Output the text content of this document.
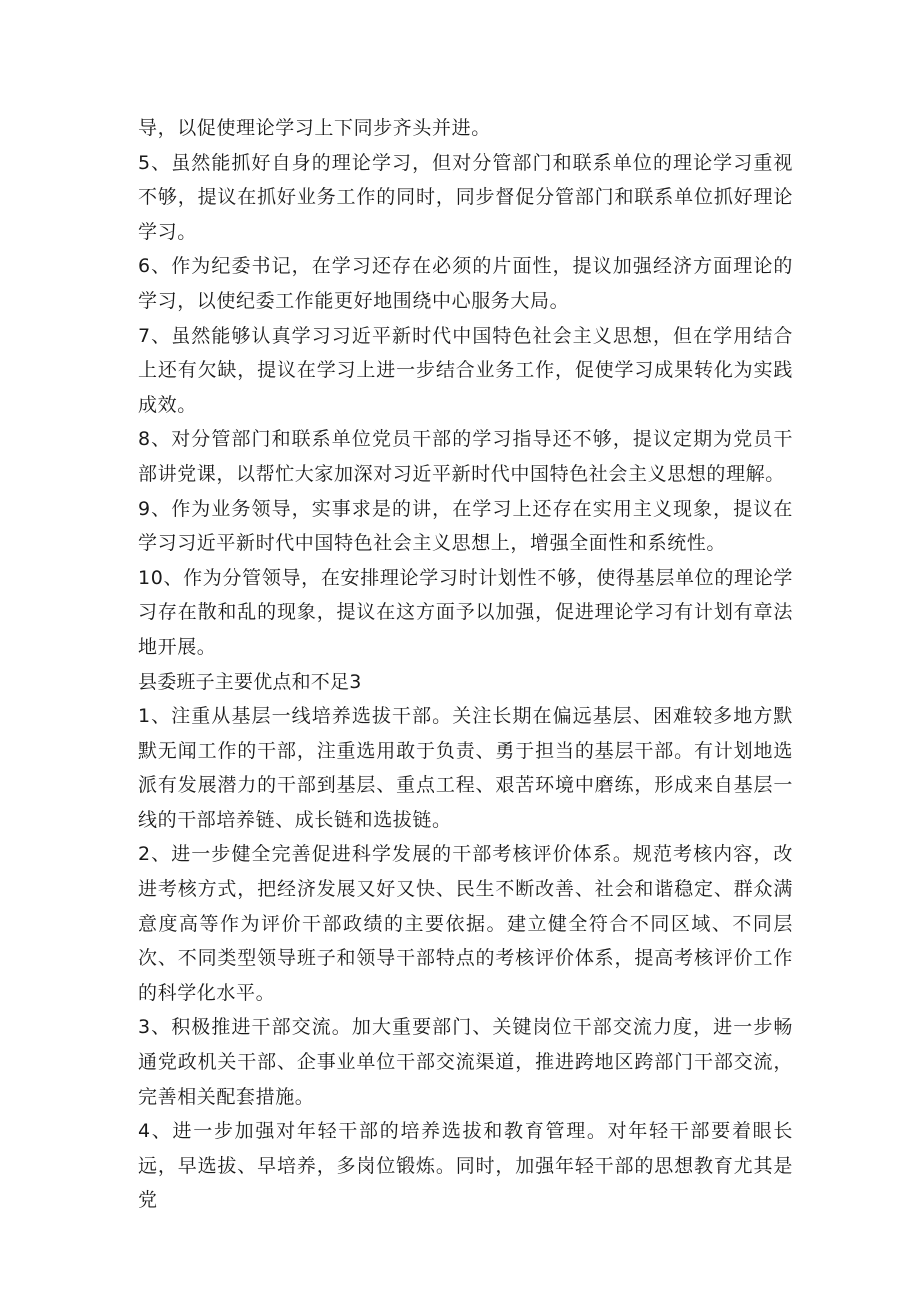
导，以促使理论学习上下同步齐头并进。

5、虽然能抓好自身的理论学习，但对分管部门和联系单位的理论学习重视不够，提议在抓好业务工作的同时，同步督促分管部门和联系单位抓好理论学习。

6、作为纪委书记，在学习还存在必须的片面性，提议加强经济方面理论的学习，以使纪委工作能更好地围绕中心服务大局。

7、虽然能够认真学习习近平新时代中国特色社会主义思想，但在学用结合上还有欠缺，提议在学习上进一步结合业务工作，促使学习成果转化为实践成效。

8、对分管部门和联系单位党员干部的学习指导还不够，提议定期为党员干部讲党课，以帮忙大家加深对习近平新时代中国特色社会主义思想的理解。

9、作为业务领导，实事求是的讲，在学习上还存在实用主义现象，提议在学习习近平新时代中国特色社会主义思想上，增强全面性和系统性。

10、作为分管领导，在安排理论学习时计划性不够，使得基层单位的理论学习存在散和乱的现象，提议在这方面予以加强，促进理论学习有计划有章法地开展。

县委班子主要优点和不足3

1、注重从基层一线培养选拔干部。关注长期在偏远基层、困难较多地方默默无闻工作的干部，注重选用敢于负责、勇于担当的基层干部。有计划地选派有发展潜力的干部到基层、重点工程、艰苦环境中磨练，形成来自基层一线的干部培养链、成长链和选拔链。

2、进一步健全完善促进科学发展的干部考核评价体系。规范考核内容，改进考核方式，把经济发展又好又快、民生不断改善、社会和谐稳定、群众满意度高等作为评价干部政绩的主要依据。建立健全符合不同区域、不同层次、不同类型领导班子和领导干部特点的考核评价体系，提高考核评价工作的科学化水平。

3、积极推进干部交流。加大重要部门、关键岗位干部交流力度，进一步畅通党政机关干部、企事业单位干部交流渠道，推进跨地区跨部门干部交流，完善相关配套措施。

4、进一步加强对年轻干部的培养选拔和教育管理。对年轻干部要着眼长远，早选拔、早培养，多岗位锻炼。同时，加强年轻干部的思想教育尤其是党
